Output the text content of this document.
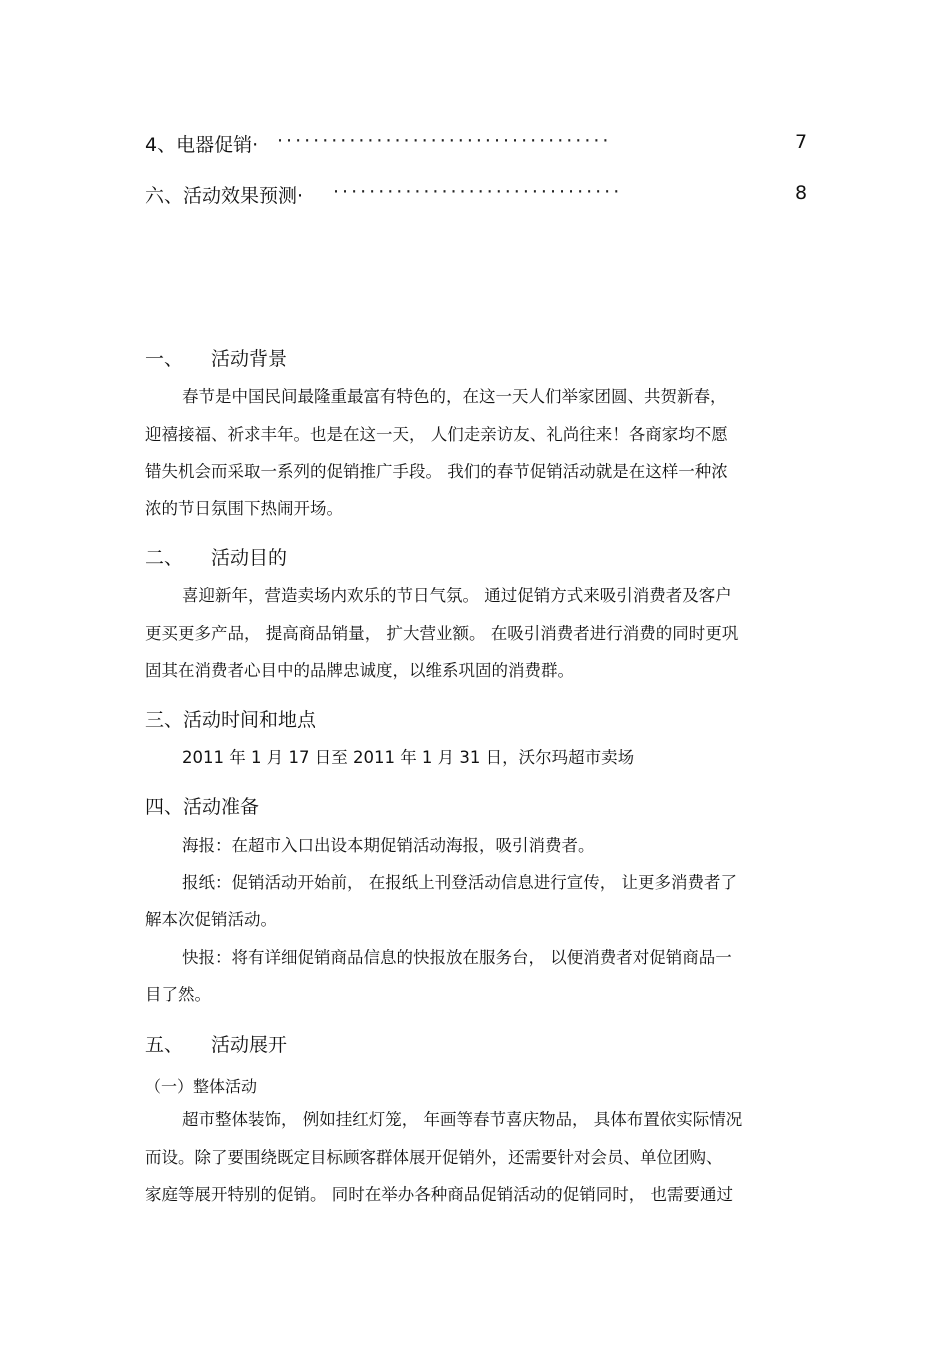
4、电器促销· ·····································	7
六、活动效果预测· ································	8
一、 活动背景
春节是中国民间最隆重最富有特色的，在这一天人们举家团圆、共贺新春，
迎禧接福、祈求丰年。也是在这一天， 人们走亲访友、礼尚往来！各商家均不愿
错失机会而采取一系列的促销推广手段。 我们的春节促销活动就是在这样一种浓
浓的节日氛围下热闹开场。
二、 活动目的
喜迎新年，营造卖场内欢乐的节日气氛。 通过促销方式来吸引消费者及客户
更买更多产品， 提高商品销量， 扩大营业额。 在吸引消费者进行消费的同时更巩
固其在消费者心目中的品牌忠诚度，以维系巩固的消费群。
三、活动时间和地点
2011 年 1 月 17 日至 2011 年 1 月 31 日，沃尔玛超市卖场
四、活动准备
海报：在超市入口出设本期促销活动海报，吸引消费者。
报纸：促销活动开始前， 在报纸上刊登活动信息进行宣传， 让更多消费者了
解本次促销活动。
快报：将有详细促销商品信息的快报放在服务台， 以便消费者对促销商品一
目了然。
五、 活动展开
（一）整体活动
超市整体装饰， 例如挂红灯笼， 年画等春节喜庆物品， 具体布置依实际情况
而设。除了要围绕既定目标顾客群体展开促销外，还需要针对会员、单位团购、
家庭等展开特别的促销。 同时在举办各种商品促销活动的促销同时， 也需要通过
